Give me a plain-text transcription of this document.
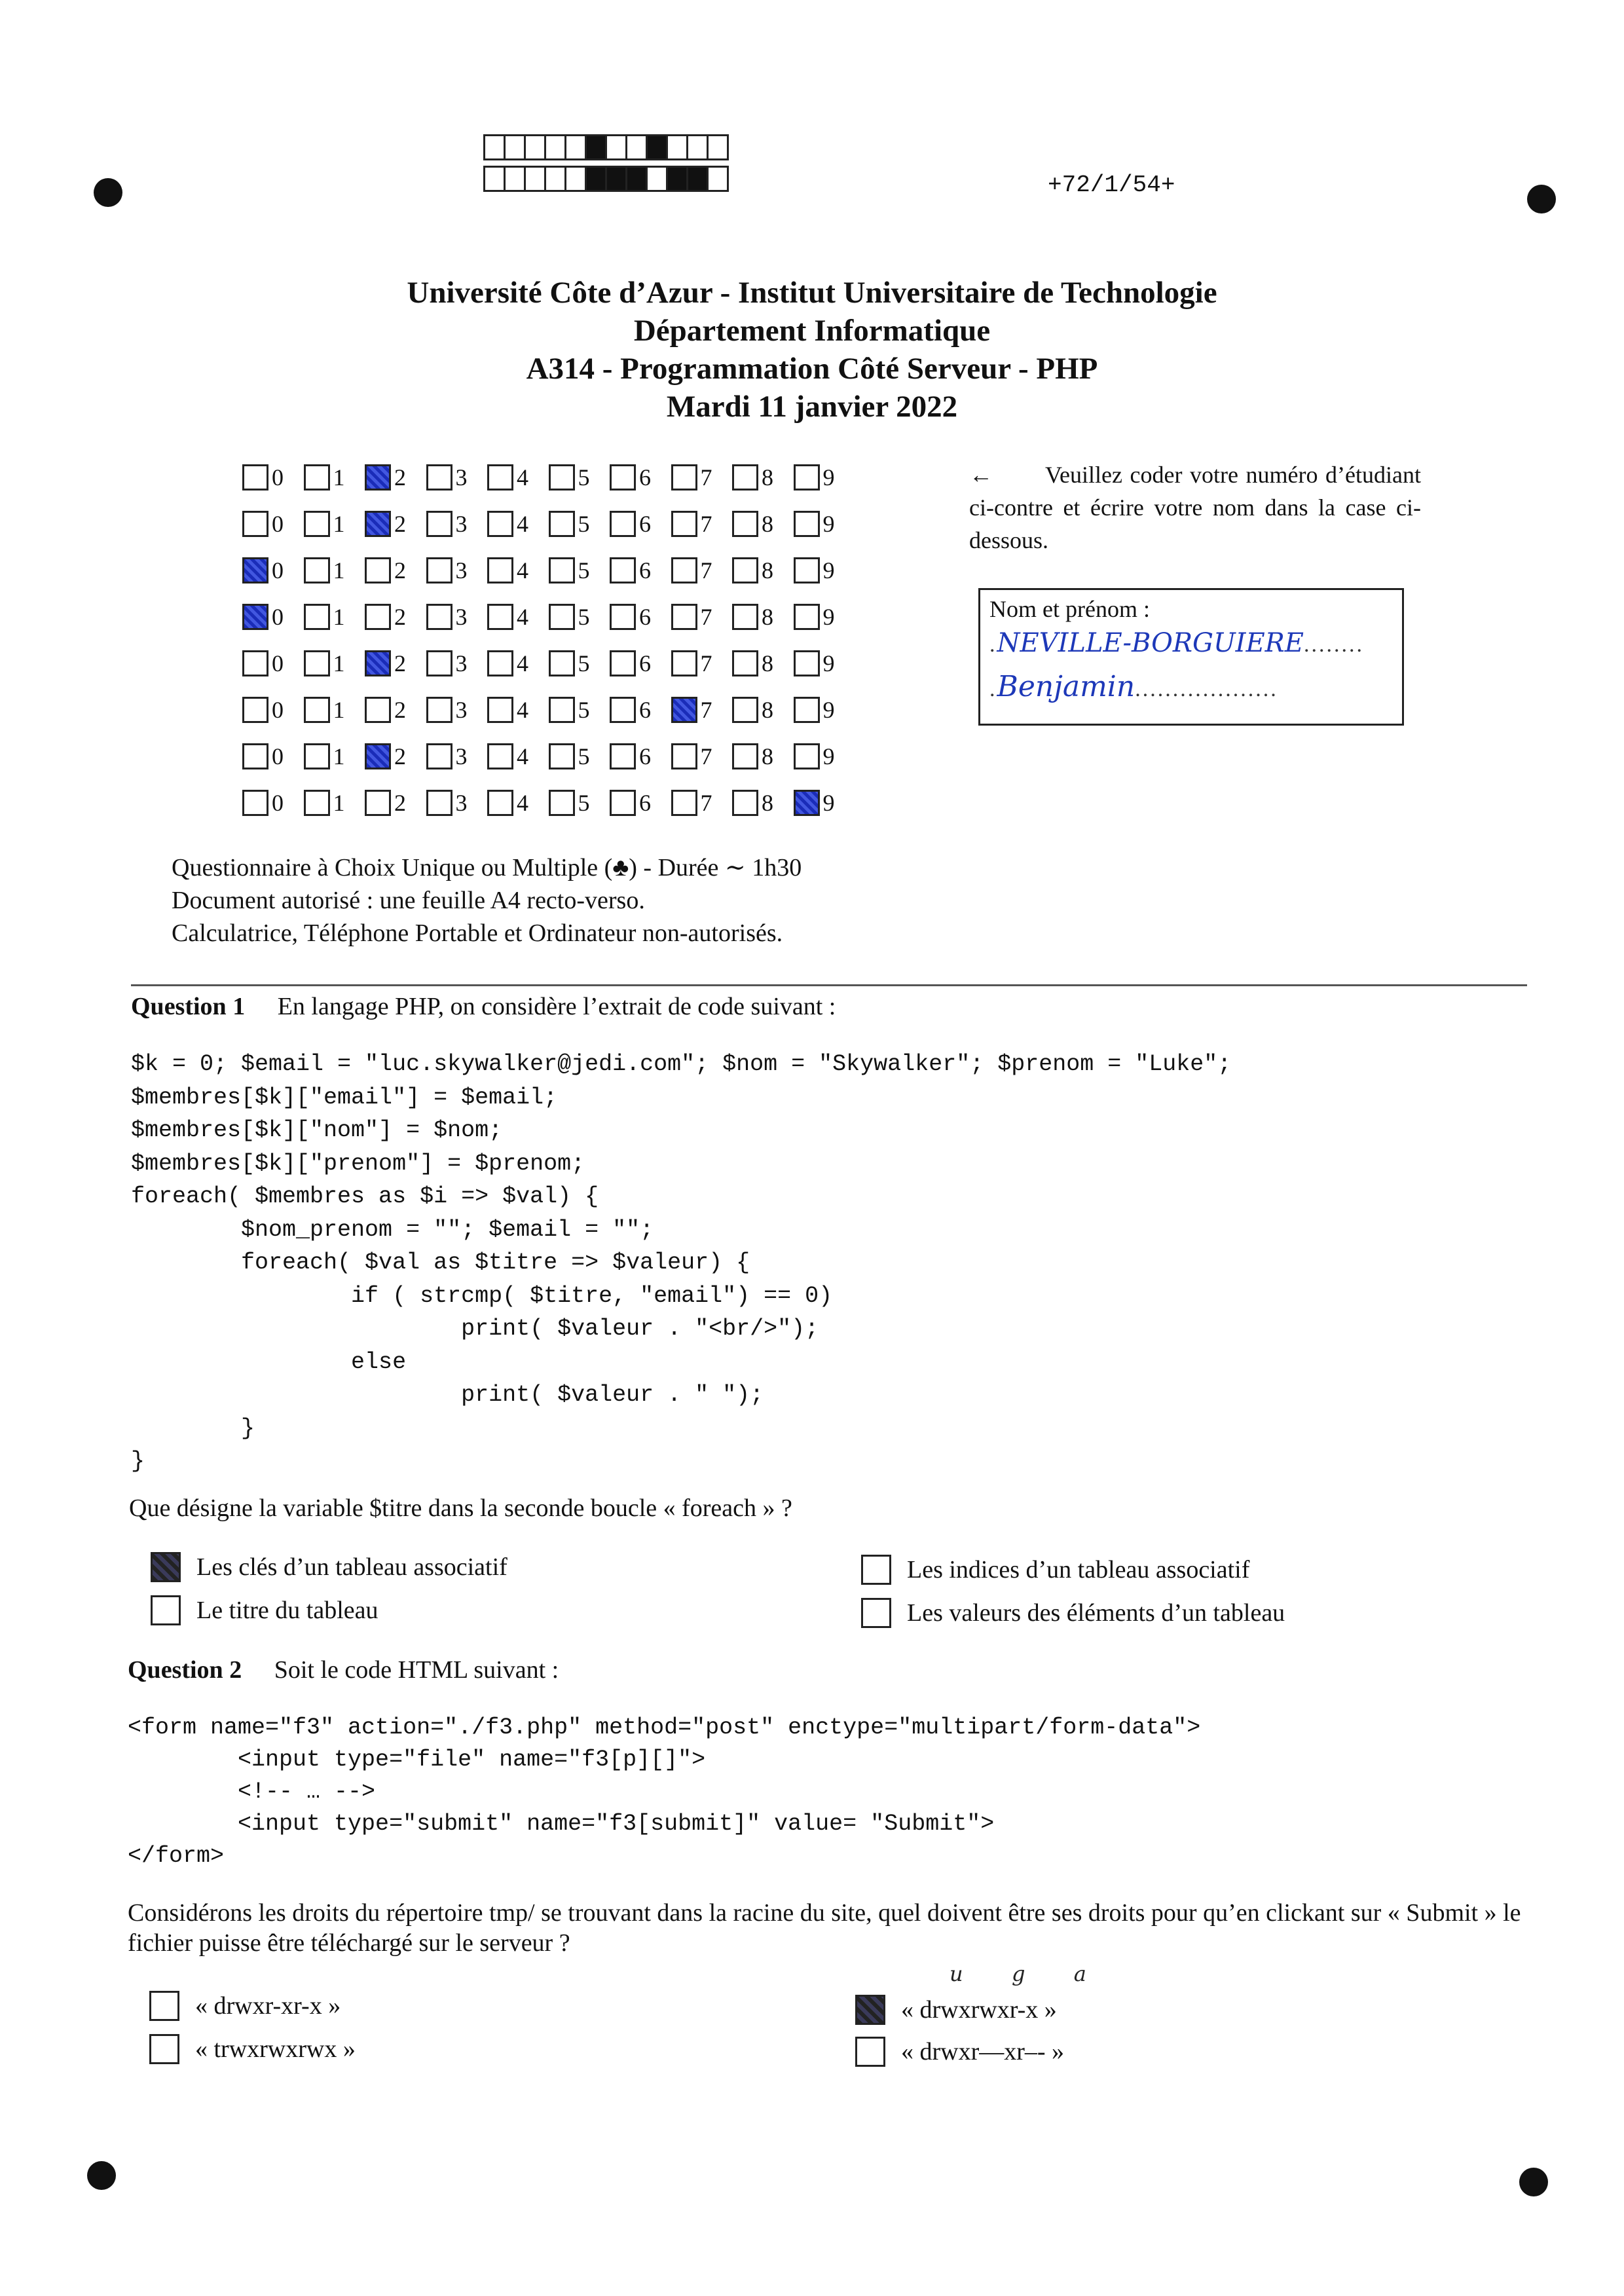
+72/1/54+
Université Côte d’Azur - Institut Universitaire de Technologie
Département Informatique
A314 - Programmation Côté Serveur - PHP
Mardi 11 janvier 2022
0 1 2 3 4 5 6 7 8 9
0 1 2 3 4 5 6 7 8 9
0 1 2 3 4 5 6 7 8 9
0 1 2 3 4 5 6 7 8 9
0 1 2 3 4 5 6 7 8 9
0 1 2 3 4 5 6 7 8 9
0 1 2 3 4 5 6 7 8 9
0 1 2 3 4 5 6 7 8 9
← Veuillez coder votre numéro d’étudiant ci-contre et écrire votre nom dans la case ci-dessous.
Nom et prénom :
.NEVILLE-BORGUIERE........
.Benjamin...................
Questionnaire à Choix Unique ou Multiple (♣) - Durée ∼ 1h30
Document autorisé : une feuille A4 recto-verso.
Calculatrice, Téléphone Portable et Ordinateur non-autorisés.
Question 1 En langage PHP, on considère l’extrait de code suivant :
$k = 0; $email = "luc.skywalker@jedi.com"; $nom = "Skywalker"; $prenom = "Luke";
$membres[$k]["email"] = $email;
$membres[$k]["nom"] = $nom;
$membres[$k]["prenom"] = $prenom;
foreach( $membres as $i => $val) {
$nom_prenom = ""; $email = "";
foreach( $val as $titre => $valeur) {
if ( strcmp( $titre, "email") == 0)
print( $valeur . "<br/>");
else
print( $valeur . " ");
}
}
Que désigne la variable $titre dans la seconde boucle « foreach » ?
Les clés d’un tableau associatif
Le titre du tableau
Les indices d’un tableau associatif
Les valeurs des éléments d’un tableau
Question 2 Soit le code HTML suivant :
<form name="f3" action="./f3.php" method="post" enctype="multipart/form-data">
<input type="file" name="f3[p][]">
<!-- … -->
<input type="submit" name="f3[submit]" value= "Submit">
</form>
Considérons les droits du répertoire tmp/ se trouvant dans la racine du site, quel doivent être ses droits pour qu’en clickant sur « Submit » le fichier puisse être téléchargé sur le serveur ?
u  g  a
« drwxr-xr-x »
« trwxrwxrwx »
« drwxrwxr-x »
« drwxr—xr–- »
